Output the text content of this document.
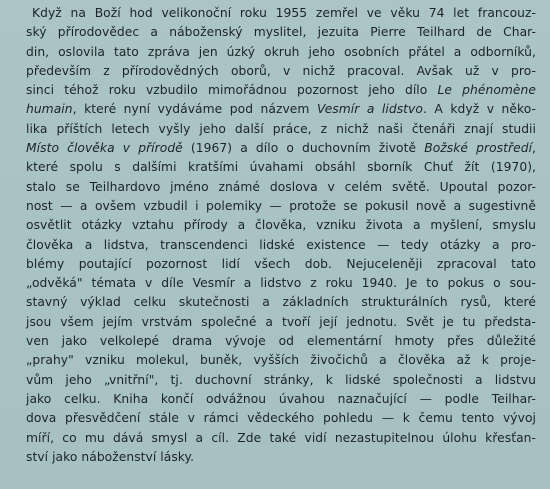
Když na Boží hod velikonoční roku 1955 zemřel ve věku 74 let francouz-
ský přírodovědec a náboženský myslitel, jezuita Pierre Teilhard de Char-
din, oslovila tato zpráva jen úzký okruh jeho osobních přátel a odborníků,
především z přírodovědných oborů, v nichž pracoval. Avšak už v pro-
sinci téhož roku vzbudilo mimořádnou pozornost jeho dílo Le phénomène
humain, které nyní vydáváme pod názvem Vesmír a lidstvo. A když v něko-
lika příštích letech vyšly jeho další práce, z nichž naši čtenáři znají studii
Místo člověka v přírodě (1967) a dílo o duchovním životě Božské prostředí,
které spolu s dalšími kratšími úvahami obsáhl sborník Chuť žít (1970),
stalo se Teilhardovo jméno známé doslova v celém světě. Upoutal pozor-
nost — a ovšem vzbudil i polemiky — protože se pokusil nově a sugestivně
osvětlit otázky vztahu přírody a člověka, vzniku života a myšlení, smyslu
člověka a lidstva, transcendenci lidské existence — tedy otázky a pro-
blémy poutající pozornost lidí všech dob. Nejuceleněji zpracoval tato
„odvěká" témata v díle Vesmír a lidstvo z roku 1940. Je to pokus o sou-
stavný výklad celku skutečnosti a základních strukturálních rysů, které
jsou všem jejím vrstvám společné a tvoří její jednotu. Svět je tu předsta-
ven jako velkolepé drama vývoje od elementární hmoty přes důležité
„prahy" vzniku molekul, buněk, vyšších živočichů a člověka až k proje-
vům jeho „vnitřní", tj. duchovní stránky, k lidské společnosti a lidstvu
jako celku. Kniha končí odvážnou úvahou naznačující — podle Teilhar-
dova přesvědčení stále v rámci vědeckého pohledu — k čemu tento vývoj
míří, co mu dává smysl a cíl. Zde také vidí nezastupitelnou úlohu křesťan-
ství jako náboženství lásky.
